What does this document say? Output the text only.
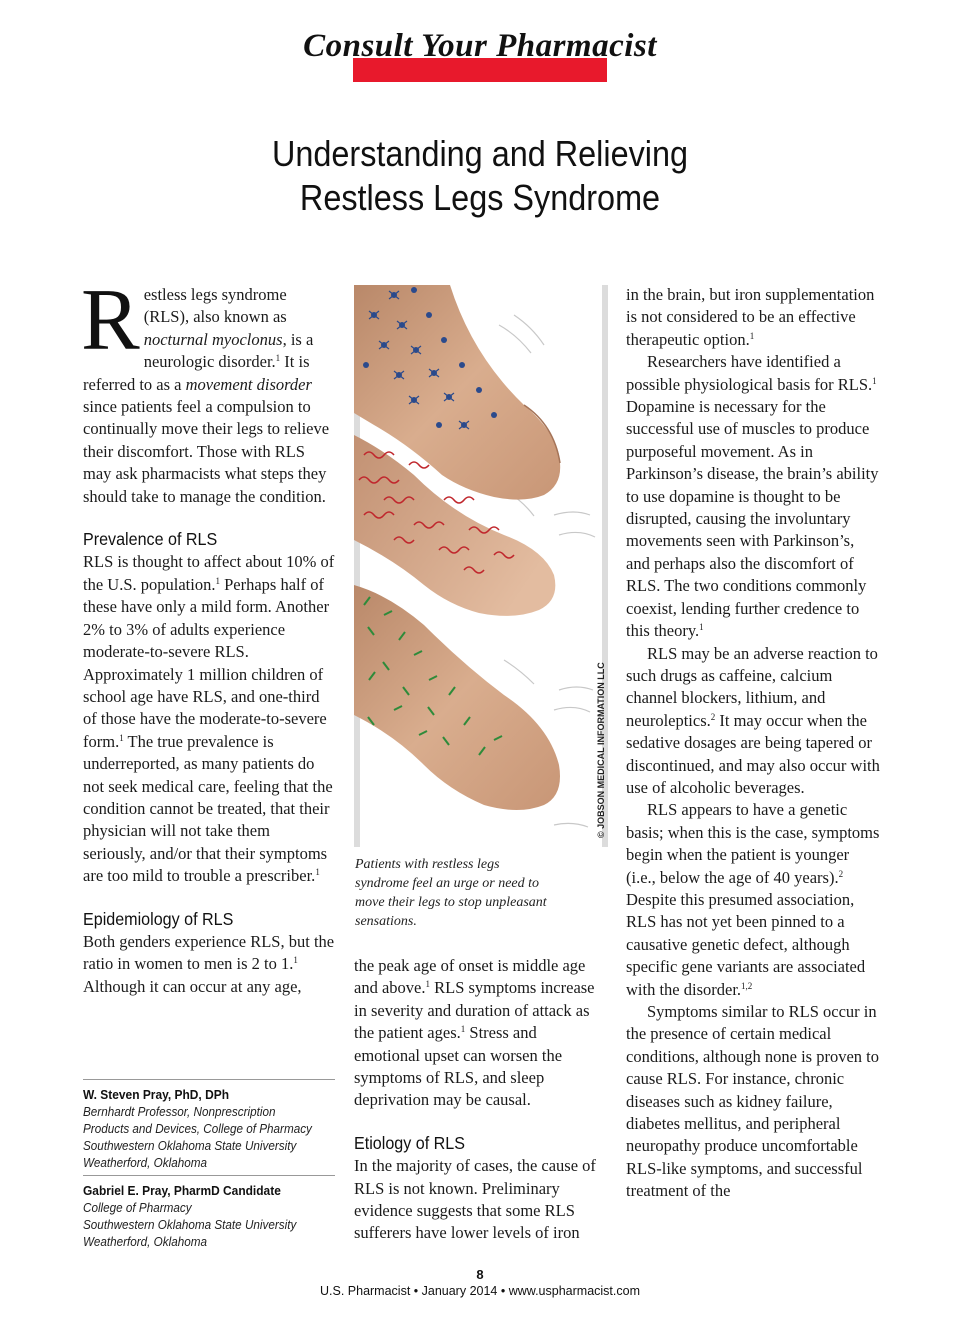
Consult Your Pharmacist
Understanding and Relieving
Restless Legs Syndrome

Restless legs syndrome (RLS), also known as nocturnal myoclonus, is a neurologic disorder.$^1$ It is referred to as a movement disorder since patients feel a compulsion to continually move their legs to relieve their discomfort. Those with RLS may ask pharmacists what steps they should take to manage the condition.

Prevalence of RLS

RLS is thought to affect about 10% of the U.S. population.$^1$ Perhaps half of these have only a mild form. Another 2% to 3% of adults experience moderate-to-severe RLS. Approximately 1 million children of school age have RLS, and one-third of those have the moderate-to-severe form.$^1$ The true prevalence is underreported, as many patients do not seek medical care, feeling that the condition cannot be treated, that their physician will not take them seriously, and/or that their symptoms are too mild to trouble a prescriber.$^1$

Epidemiology of RLS

Both genders experience RLS, but the ratio in women to men is 2 to 1.$^1$ Although it can occur at any age,

W. Steven Pray, PhD, DPh
Bernhardt Professor, Nonprescription
Products and Devices, College of Pharmacy
Southwestern Oklahoma State University
Weatherford, Oklahoma
Gabriel E. Pray, PharmD Candidate
College of Pharmacy
Southwestern Oklahoma State University
Weatherford, Oklahoma
© JOBSON MEDICAL INFORMATION LLC
Patients with restless legs syndrome feel an urge or need to move their legs to stop unpleasant sensations.

the peak age of onset is middle age and above.$^1$ RLS symptoms increase in severity and duration of attack as the patient ages.$^1$ Stress and emotional upset can worsen the symptoms of RLS, and sleep deprivation may be causal.

Etiology of RLS

In the majority of cases, the cause of RLS is not known. Preliminary evidence suggests that some RLS sufferers have lower levels of iron

in the brain, but iron supplementation is not considered to be an effective therapeutic option.$^1$

Researchers have identified a possible physiological basis for RLS.$^1$ Dopamine is necessary for the successful use of muscles to produce purposeful movement. As in Parkinson’s disease, the brain’s ability to use dopamine is thought to be disrupted, causing the involuntary movements seen with Parkinson’s, and perhaps also the discomfort of RLS. The two conditions commonly coexist, lending further credence to this theory.$^1$

RLS may be an adverse reaction to such drugs as caffeine, calcium channel blockers, lithium, and neuroleptics.$^2$ It may occur when the sedative dosages are being tapered or discontinued, and may also occur with use of alcoholic beverages.

RLS appears to have a genetic basis; when this is the case, symptoms begin when the patient is younger (i.e., below the age of 40 years).$^2$ Despite this presumed association, RLS has not yet been pinned to a causative genetic defect, although specific gene variants are associated with the disorder.$^{1,2}$

Symptoms similar to RLS occur in the presence of certain medical conditions, although none is proven to cause RLS. For instance, chronic diseases such as kidney failure, diabetes mellitus, and peripheral neuropathy produce uncomfortable RLS-like symptoms, and successful treatment of the

8
U.S. Pharmacist • January 2014 • www.uspharmacist.com
